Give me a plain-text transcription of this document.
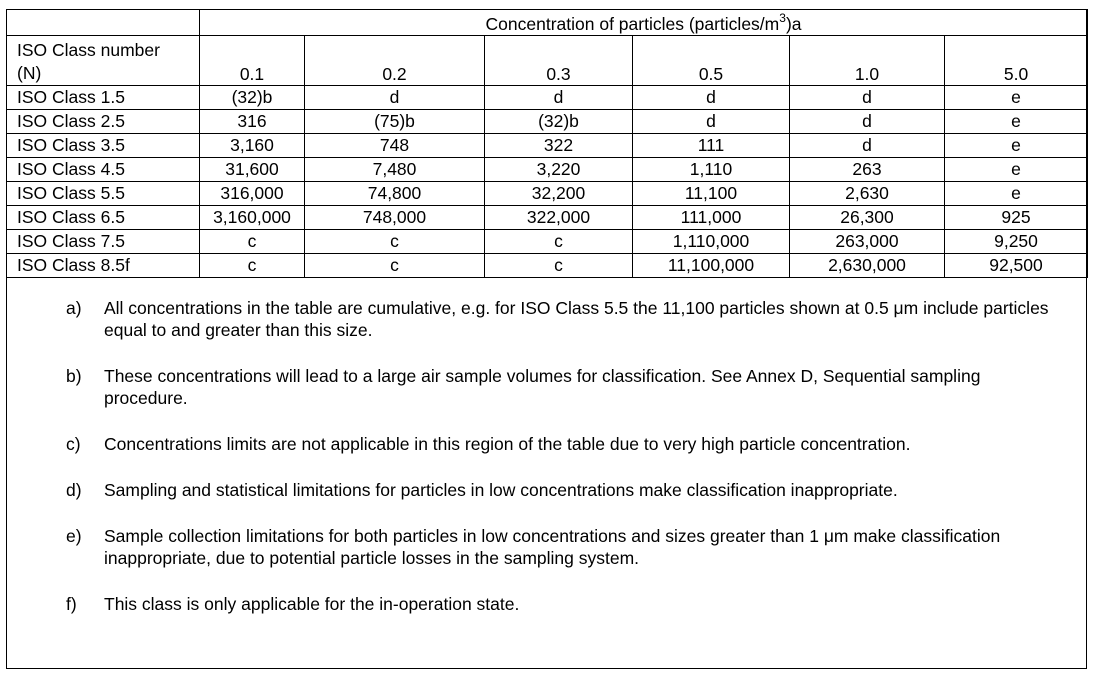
	Concentration of particles $(particles/m^3)a$					
ISO Class number
(N)	0.1	0.2	0.3	0.5	1.0	5.0
ISO Class 1.5	(32)b	d	d	d	d	e
ISO Class 2.5	316	(75)b	(32)b	d	d	e
ISO Class 3.5	3,160	748	322	111	d	e
ISO Class 4.5	31,600	7,480	3,220	1,110	263	e
ISO Class 5.5	316,000	74,800	32,200	11,100	2,630	e
ISO Class 6.5	3,160,000	748,000	322,000	111,000	26,300	925
ISO Class 7.5	c	c	c	1,110,000	263,000	9,250
ISO Class 8.5f	c	c	c	11,100,000	2,630,000	92,500
a) All concentrations in the table are cumulative, e.g. for ISO Class 5.5 the 11,100 particles shown at 0.5 μm include particles equal to and greater than this size.
b) These concentrations will lead to a large air sample volumes for classification. See Annex D, Sequential sampling procedure.
c) Concentrations limits are not applicable in this region of the table due to very high particle concentration.
d) Sampling and statistical limitations for particles in low concentrations make classification inappropriate.
e) Sample collection limitations for both particles in low concentrations and sizes greater than 1 μm make classification inappropriate, due to potential particle losses in the sampling system.
f) This class is only applicable for the in-operation state.
